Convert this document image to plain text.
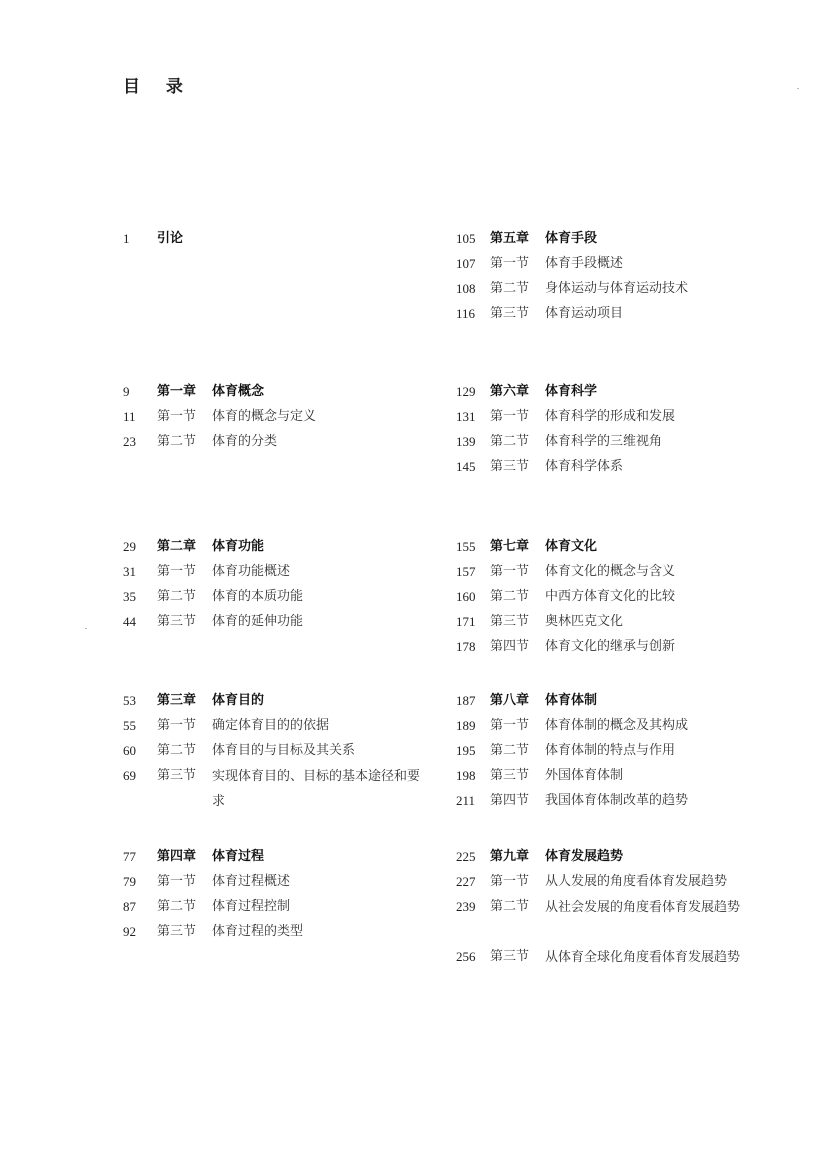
目 录
1	引论
9	第一章 体育概念
11	第一节 体育的概念与定义
23	第二节 体育的分类
29	第二章 体育功能
31	第一节 体育功能概述
35	第二节 体育的本质功能
44	第三节 体育的延伸功能
53	第三章 体育目的
55	第一节 确定体育目的的依据
60	第二节 体育目的与目标及其关系
69	第三节 实现体育目的、目标的基本途径和要求
77	第四章 体育过程
79	第一节 体育过程概述
87	第二节 体育过程控制
92	第三节 体育过程的类型
105	第五章 体育手段
107	第一节 体育手段概述
108	第二节 身体运动与体育运动技术
116	第三节 体育运动项目
129	第六章 体育科学
131	第一节 体育科学的形成和发展
139	第二节 体育科学的三维视角
145	第三节 体育科学体系
155	第七章 体育文化
157	第一节 体育文化的概念与含义
160	第二节 中西方体育文化的比较
171	第三节 奥林匹克文化
178	第四节 体育文化的继承与创新
187	第八章 体育体制
189	第一节 体育体制的概念及其构成
195	第二节 体育体制的特点与作用
198	第三节 外国体育体制
211	第四节 我国体育体制改革的趋势
225	第九章 体育发展趋势
227	第一节 从人发展的角度看体育发展趋势
239	第二节 从社会发展的角度看体育发展趋势
256	第三节 从体育全球化角度看体育发展趋势
